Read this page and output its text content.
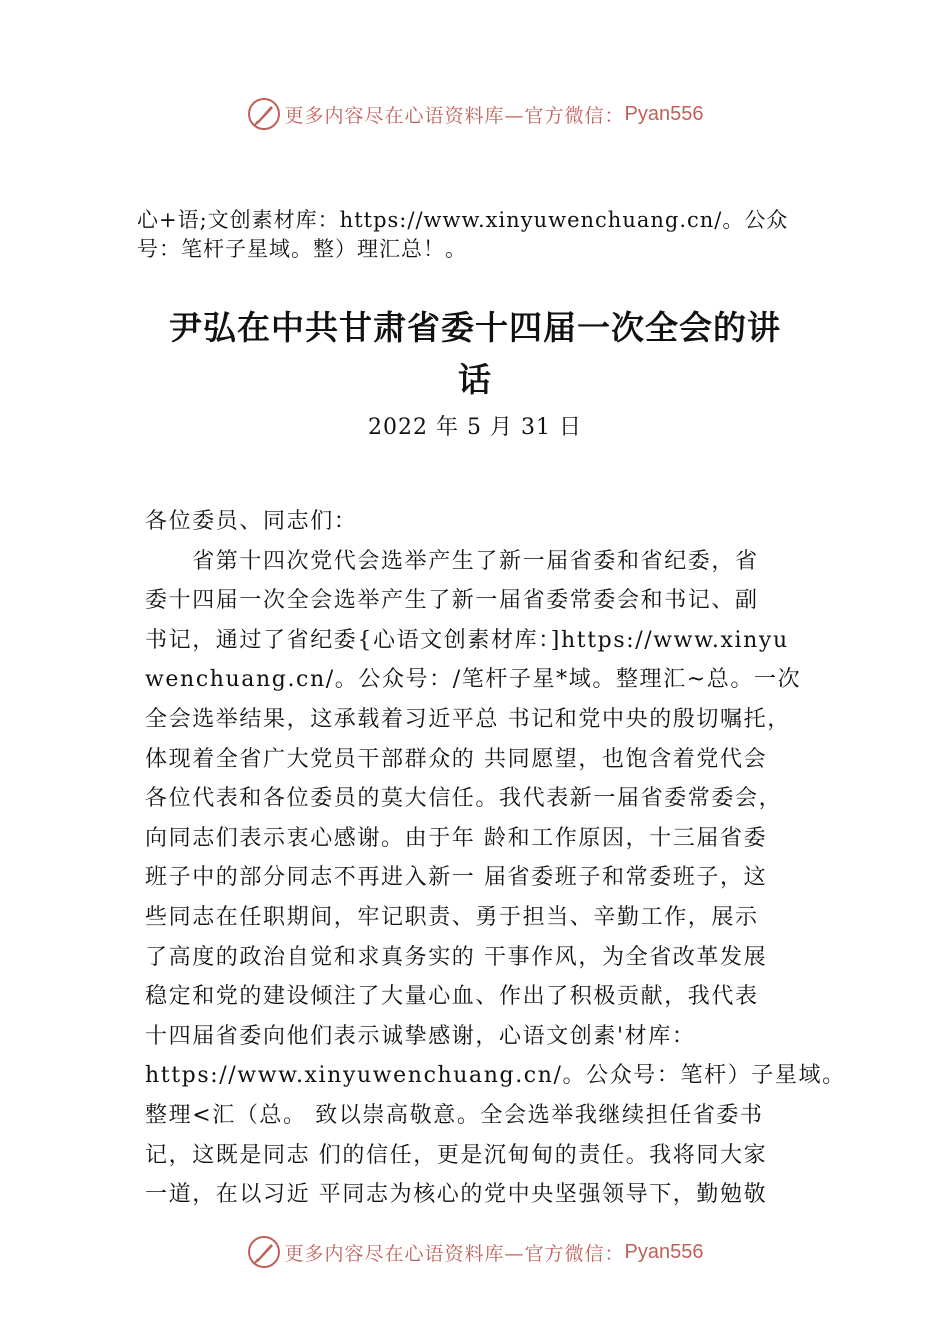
更多内容尽在心语资料库—官方微信： Pyan556
心+语;文创素材库：https://www.xinyuwenchuang.cn/。公众
号：笔杆子星域。整）理汇总！。
尹弘在中共甘肃省委十四届一次全会的讲
话
2022 年 5 月 31 日
各位委员、同志们：
　　省第十四次党代会选举产生了新一届省委和省纪委，省
委十四届一次全会选举产生了新一届省委常委会和书记、副
书记，通过了省纪委{心语文创素材库：]https://www.xinyu
wenchuang.cn/。公众号：/笔杆子星*域。整理汇~总。一次
全会选举结果，这承载着习近平总 书记和党中央的殷切嘱托，
体现着全省广大党员干部群众的 共同愿望，也饱含着党代会
各位代表和各位委员的莫大信任。我代表新一届省委常委会，
向同志们表示衷心感谢。由于年 龄和工作原因，十三届省委
班子中的部分同志不再进入新一 届省委班子和常委班子，这
些同志在任职期间，牢记职责、勇于担当、辛勤工作，展示
了高度的政治自觉和求真务实的 干事作风，为全省改革发展
稳定和党的建设倾注了大量心血、作出了积极贡献，我代表
十四届省委向他们表示诚挚感谢，心语文创素'材库：
https://www.xinyuwenchuang.cn/。公众号：笔杆）子星域。
整理<汇（总。 致以崇高敬意。全会选举我继续担任省委书
记，这既是同志 们的信任，更是沉甸甸的责任。我将同大家
一道，在以习近 平同志为核心的党中央坚强领导下，勤勉敬
更多内容尽在心语资料库—官方微信： Pyan556
